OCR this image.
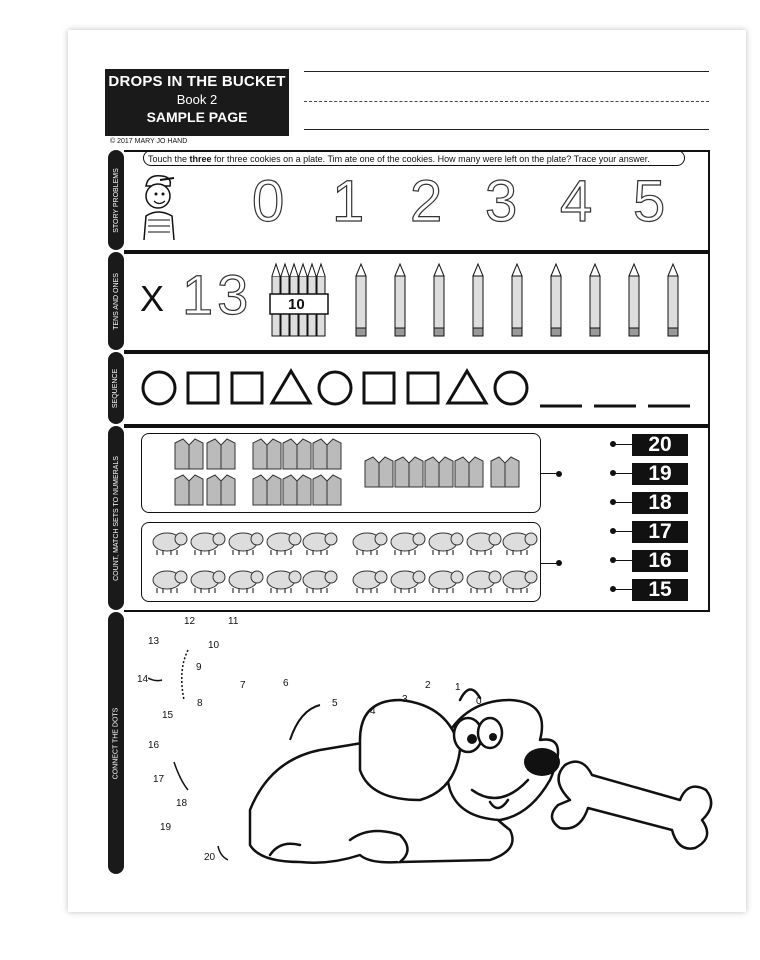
DROPS IN THE BUCKET
Book 2
SAMPLE PAGE
© 2017 MARY JO HAND
STORY PROBLEMS
TENS AND ONES
SEQUENCE
COUNT, MATCH SETS TO NUMERALS
CONNECT THE DOTS
Touch the three for three cookies on a plate. Tim ate one of the cookies. How many were left on the plate? Trace your answer.
0 1 2 3 4 5
X 13 10
20
19
18
17
16
15
0
1
2
3
4
5
6
7
8
9
10
11
12
13
14
15
16
17
18
19
20
